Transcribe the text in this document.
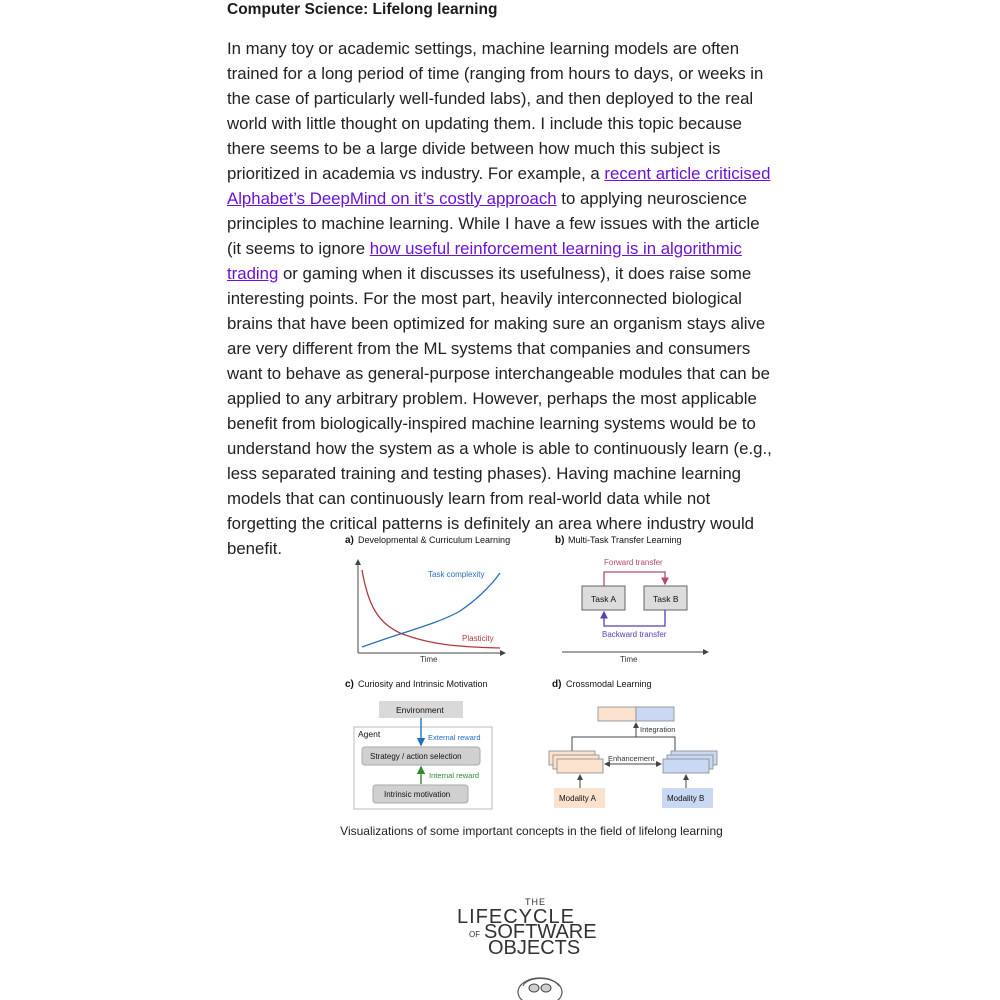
Computer Science: Lifelong learning

In many toy or academic settings, machine learning models are often trained for a long period of time (ranging from hours to days, or weeks in the case of particularly well-funded labs), and then deployed to the real world with little thought on updating them. I include this topic because there seems to be a large divide between how much this subject is prioritized in academia vs industry. For example, a recent article criticised Alphabet’s DeepMind on it’s costly approach to applying neuroscience principles to machine learning. While I have a few issues with the article (it seems to ignore how useful reinforcement learning is in algorithmic trading or gaming when it discusses its usefulness), it does raise some interesting points. For the most part, heavily interconnected biological brains that have been optimized for making sure an organism stays alive are very different from the ML systems that companies and consumers want to behave as general-purpose interchangeable modules that can be applied to any arbitrary problem. However, perhaps the most applicable benefit from biologically-inspired machine learning systems would be to understand how the system as a whole is able to continuously learn (e.g., less separated training and testing phases). Having machine learning models that can continuously learn from real-world data while not forgetting the critical patterns is definitely an area where industry would benefit.	a) Developmental & Curriculum Learning
Task complexity
Plasticity
Time
b) Multi-Task Transfer Learning
Forward transfer
Task A	Task B
Backward transfer
Time
c) Curiosity and Intrinsic Motivation
Environment
Agent	External reward
Strategy / action selection
Internal reward
Intrinsic motivation
d) Crossmodal Learning
Integration
Enhancement
Modality A	Modality B
Visualizations of some important concepts in the field of lifelong learning
THE
LIFECYCLE
OF SOFTWARE
OBJECTS
